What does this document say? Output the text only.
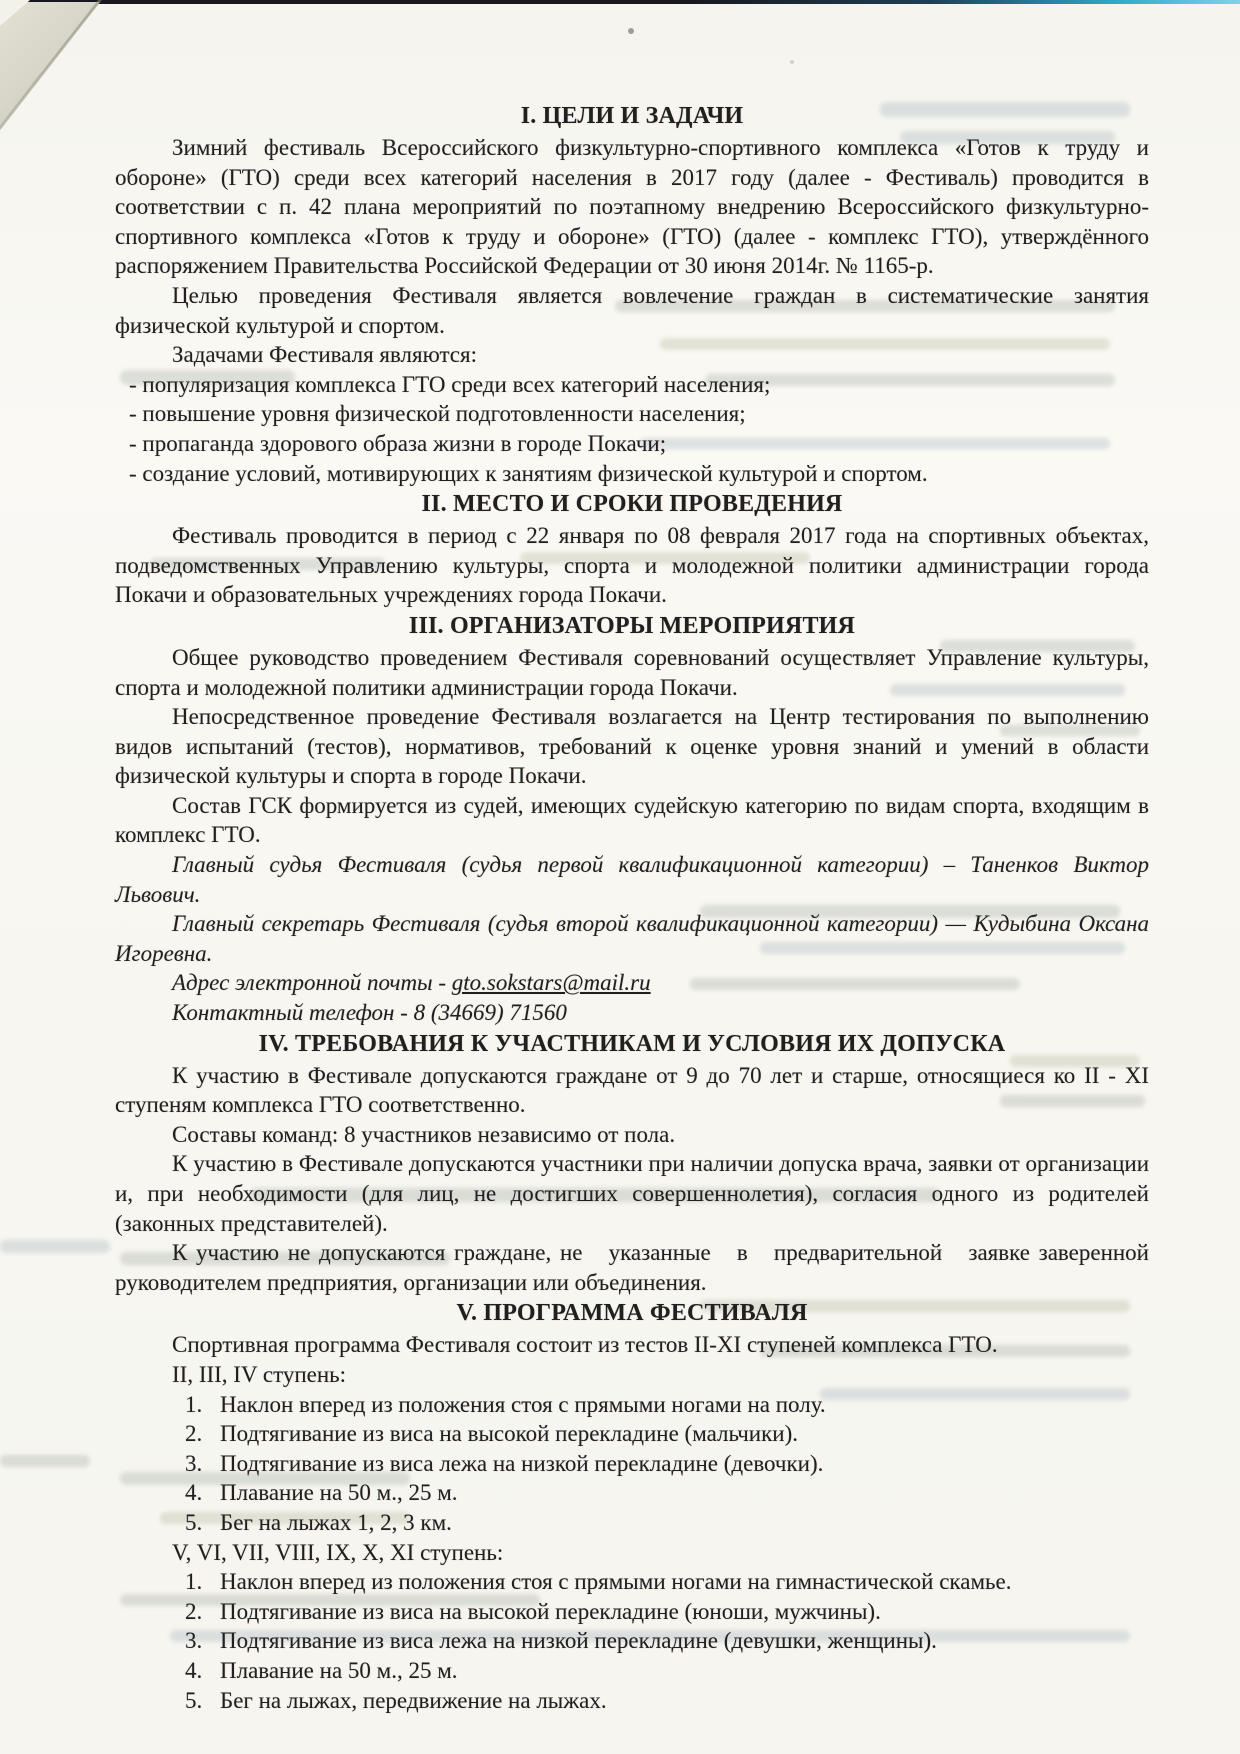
I. ЦЕЛИ И ЗАДАЧИ

Зимний фестиваль Всероссийского физкультурно-спортивного комплекса «Готов к труду и обороне» (ГТО) среди всех категорий населения в 2017 году (далее - Фестиваль) проводится в соответствии с п. 42 плана мероприятий по поэтапному внедрению Всероссийского физкультурно-спортивного комплекса «Готов к труду и обороне» (ГТО) (далее - комплекс ГТО), утверждённого распоряжением Правительства Российской Федерации от 30 июня 2014г. № 1165-р.

Целью проведения Фестиваля является вовлечение граждан в систематические занятия физической культурой и спортом.

Задачами Фестиваля являются:

- популяризация комплекса ГТО среди всех категорий населения;

- повышение уровня физической подготовленности населения;

- пропаганда здорового образа жизни в городе Покачи;

- создание условий, мотивирующих к занятиям физической культурой и спортом.

II. МЕСТО И СРОКИ ПРОВЕДЕНИЯ

Фестиваль проводится в период с 22 января по 08 февраля 2017 года на спортивных объектах, подведомственных Управлению культуры, спорта и молодежной политики администрации города Покачи и образовательных учреждениях города Покачи.

III. ОРГАНИЗАТОРЫ МЕРОПРИЯТИЯ

Общее руководство проведением Фестиваля соревнований осуществляет Управление культуры, спорта и молодежной политики администрации города Покачи.

Непосредственное проведение Фестиваля возлагается на Центр тестирования по выполнению видов испытаний (тестов), нормативов, требований к оценке уровня знаний и умений в области физической культуры и спорта в городе Покачи.

Состав ГСК формируется из судей, имеющих судейскую категорию по видам спорта, входящим в комплекс ГТО.

Главный судья Фестиваля (судья первой квалификационной категории) – Таненков Виктор Львович.

Главный секретарь Фестиваля (судья второй квалификационной категории) — Кудыбина Оксана Игоревна.

Адрес электронной почты - gto.sokstars@mail.ru

Контактный телефон - 8 (34669) 71560

IV. ТРЕБОВАНИЯ К УЧАСТНИКАМ И УСЛОВИЯ ИХ ДОПУСКА

К участию в Фестивале допускаются граждане от 9 до 70 лет и старше, относящиеся ко II - XI ступеням комплекса ГТО соответственно.

Составы команд: 8 участников независимо от пола.

К участию в Фестивале допускаются участники при наличии допуска врача, заявки от организации и, при необходимости (для лиц, не достигших совершеннолетия), согласия одного из родителей (законных представителей).

К участию не допускаются граждане, не   указанные   в   предварительной   заявке заверенной руководителем предприятия, организации или объединения.

V. ПРОГРАММА ФЕСТИВАЛЯ

Спортивная программа Фестиваля состоит из тестов II-XI ступеней комплекса ГТО.

II, III, IV ступень:

1. Наклон вперед из положения стоя с прямыми ногами на полу.
2. Подтягивание из виса на высокой перекладине (мальчики).
3. Подтягивание из виса лежа на низкой перекладине (девочки).
4. Плавание на 50 м., 25 м.
5. Бег на лыжах 1, 2, 3 км.

V, VI, VII, VIII, IX, X, XI ступень:

1. Наклон вперед из положения стоя с прямыми ногами на гимнастической скамье.
2. Подтягивание из виса на высокой перекладине (юноши, мужчины).
3. Подтягивание из виса лежа на низкой перекладине (девушки, женщины).
4. Плавание на 50 м., 25 м.
5. Бег на лыжах, передвижение на лыжах.
